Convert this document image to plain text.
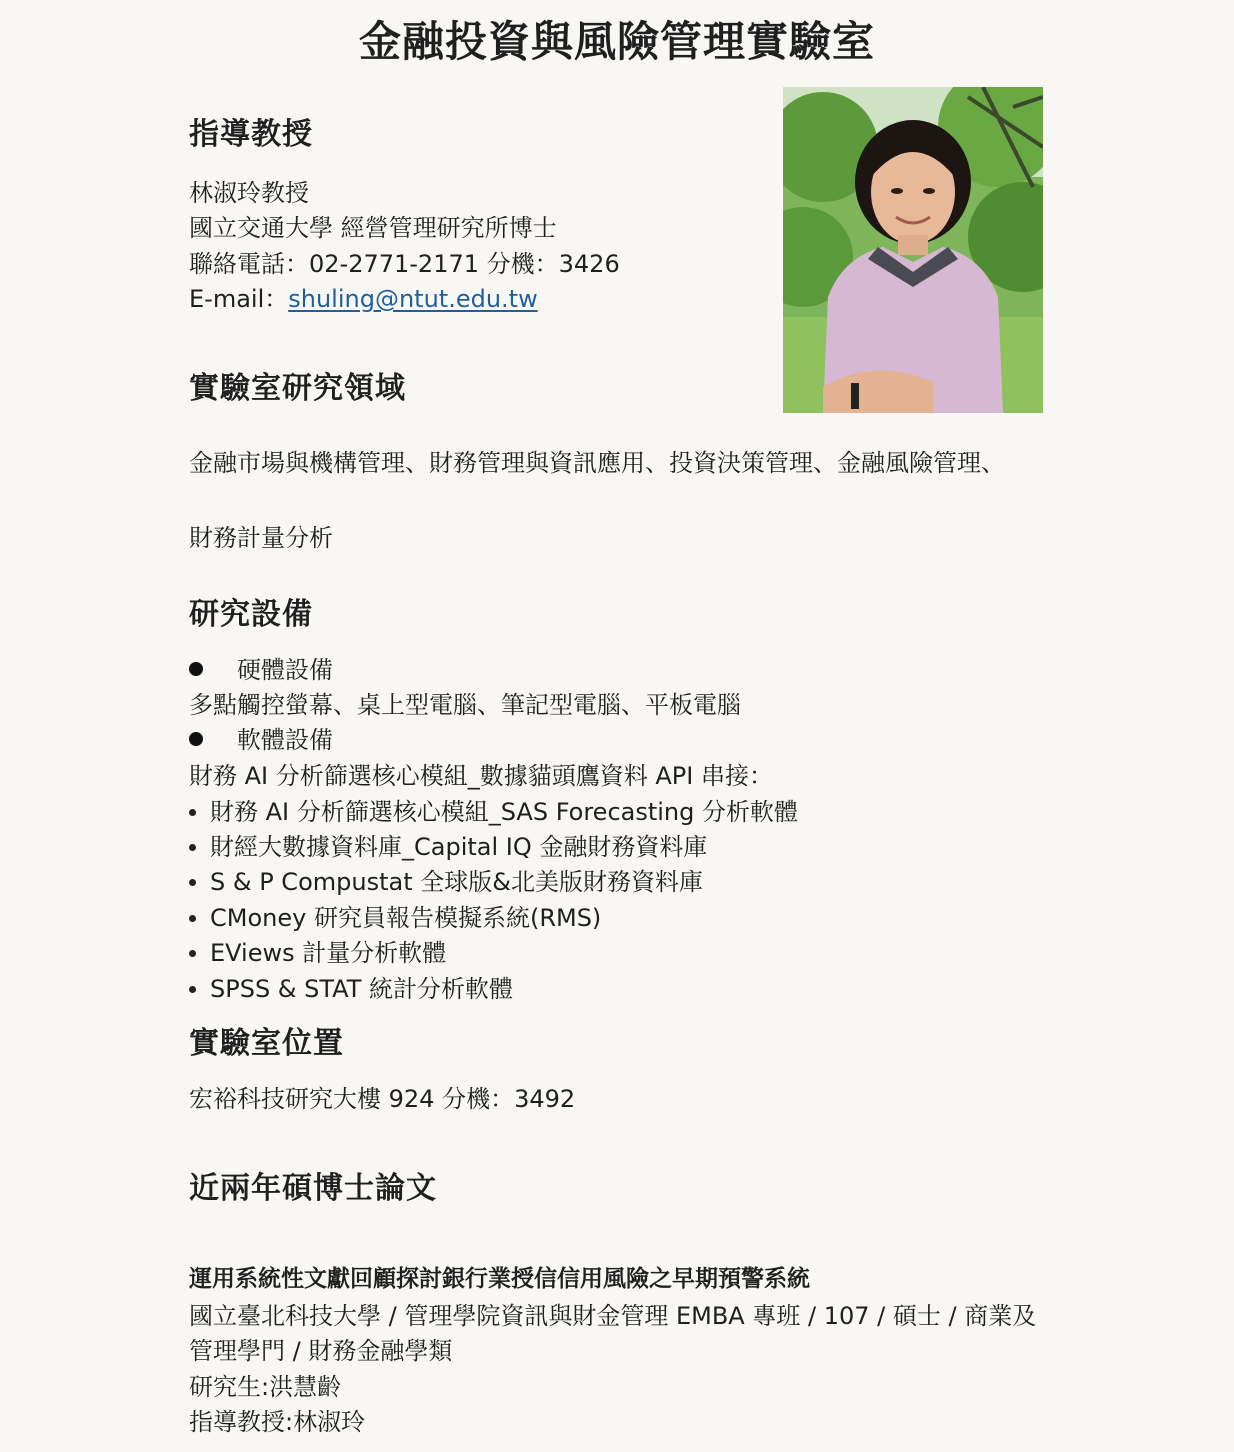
金融投資與風險管理實驗室
指導教授
林淑玲教授
國立交通大學 經營管理研究所博士
聯絡電話：02-2771-2171 分機：3426
E-mail：shuling@ntut.edu.tw
實驗室研究領域
金融市場與機構管理、財務管理與資訊應用、投資決策管理、金融風險管理、
財務計量分析
研究設備
硬體設備
多點觸控螢幕、桌上型電腦、筆記型電腦、平板電腦
軟體設備
財務 AI 分析篩選核心模組_數據貓頭鷹資料 API 串接：
財務 AI 分析篩選核心模組_SAS Forecasting 分析軟體
財經大數據資料庫_Capital IQ 金融財務資料庫
S & P Compustat 全球版&北美版財務資料庫
CMoney 研究員報告模擬系統(RMS)
EViews 計量分析軟體
SPSS & STAT 統計分析軟體
實驗室位置
宏裕科技研究大樓 924 分機：3492
近兩年碩博士論文
運用系統性文獻回顧探討銀行業授信信用風險之早期預警系統
國立臺北科技大學 / 管理學院資訊與財金管理 EMBA 專班 / 107 / 碩士 / 商業及管理學門 / 財務金融學類
研究生:洪慧齡
指導教授:林淑玲
